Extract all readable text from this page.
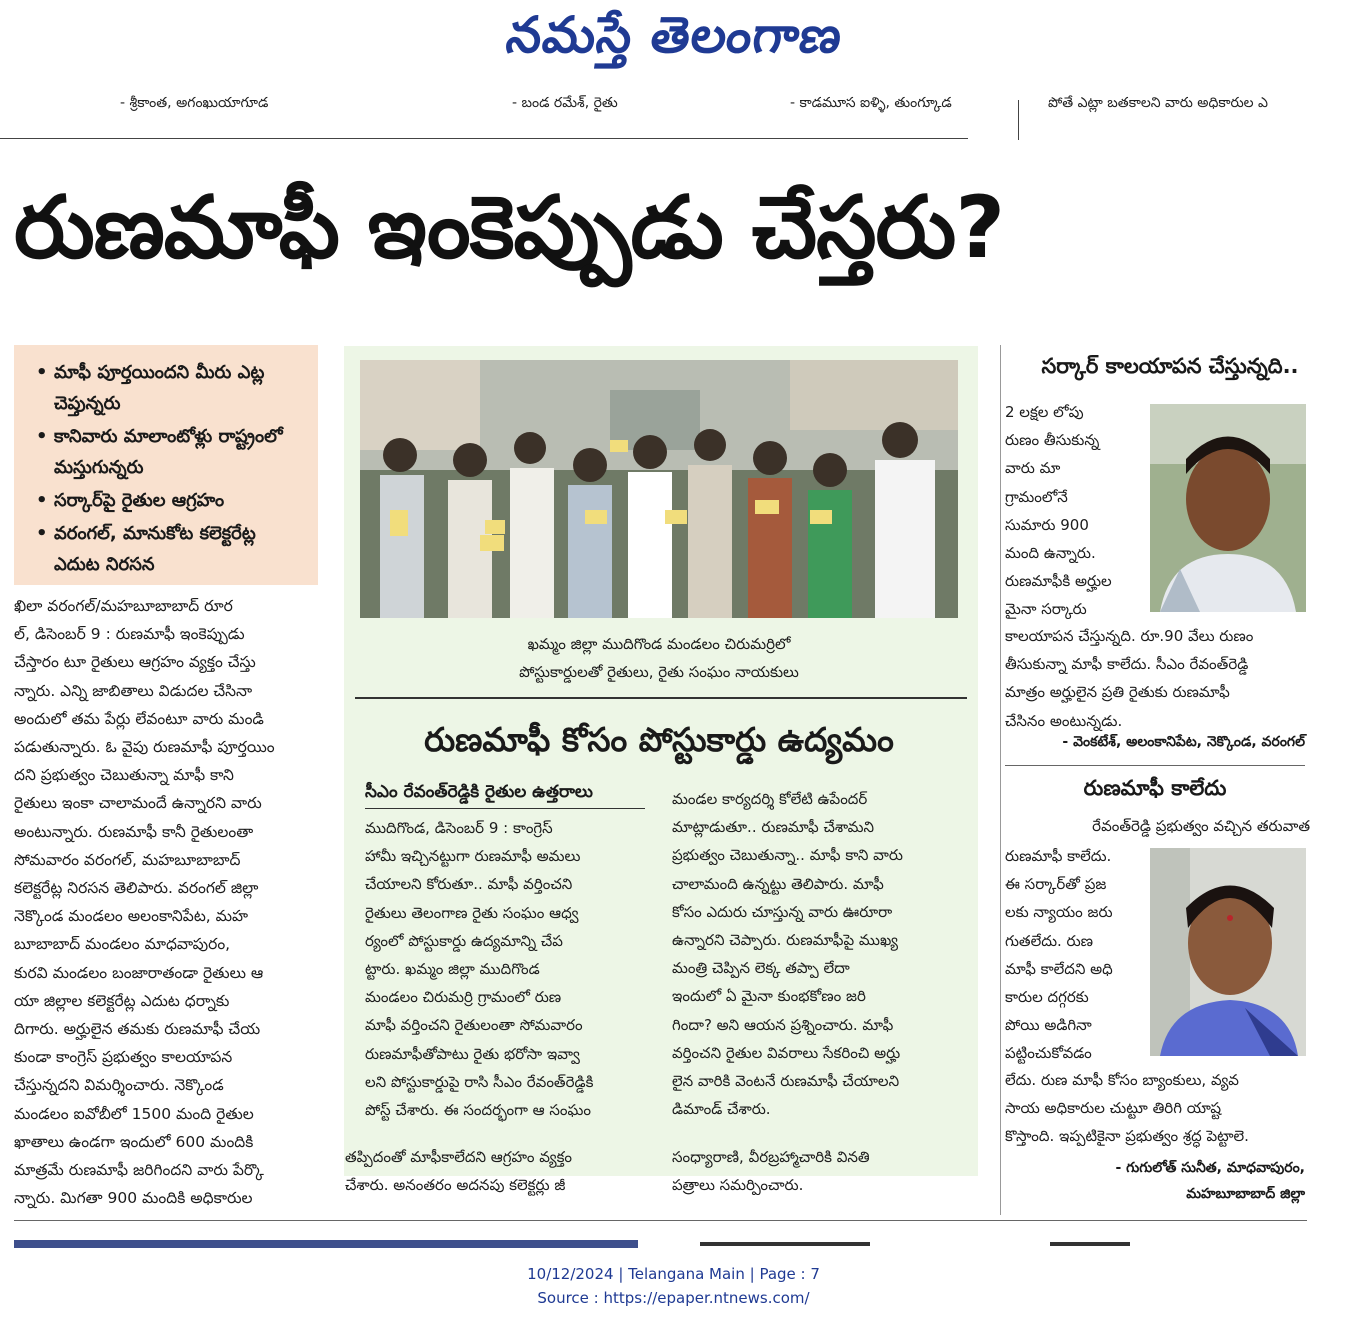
నమస్తే తెలంగాణ
- శ్రీకాంత, అగంఖుయాగూడ	- బండ రమేశ్, రైతు	- కాడమూస ఐళ్ళి, తుంగ్కూడ	పోతే ఎట్లా బతకాలని వారు అధికారుల ఎ
రుణమాఫీ ఇంకెప్పుడు చేస్తరు?
• మాఫీ పూర్తయిందని మీరు ఎట్ల చెప్తున్నరు
• కానివారు మాలాంటోళ్లు రాష్ట్రంలో మస్తుగున్నరు
• సర్కార్‌పై రైతుల ఆగ్రహం
• వరంగల్, మానుకోట కలెక్టరేట్ల ఎదుట నిరసన
ఖిలా వరంగల్/మహబూబాబాద్ రూర
ల్, డిసెంబర్ 9 : రుణమాఫీ ఇంకెప్పుడు
చేస్తారం టూ రైతులు ఆగ్రహం వ్యక్తం చేస్తు
న్నారు. ఎన్ని జాబితాలు విడుదల చేసినా
అందులో తమ పేర్లు లేవంటూ వారు మండి
పడుతున్నారు. ఓ వైపు రుణమాఫీ పూర్తయిం
దని ప్రభుత్వం చెబుతున్నా మాఫీ కాని
రైతులు ఇంకా చాలామందే ఉన్నారని వారు
అంటున్నారు. రుణమాఫీ కానీ రైతులంతా
సోమవారం వరంగల్, మహబూబాబాద్
కలెక్టరేట్ల నిరసన తెలిపారు. వరంగల్ జిల్లా
నెక్కొండ మండలం అలంకానిపేట, మహ
బూబాబాద్ మండలం మాధవాపురం,
కురవి మండలం బంజారాతండా రైతులు ఆ
యా జిల్లాల కలెక్టరేట్ల ఎదుట ధర్నాకు
దిగారు. అర్హులైన తమకు రుణమాఫీ చేయ
కుండా కాంగ్రెస్ ప్రభుత్వం కాలయాపన
చేస్తున్నదని విమర్శించారు. నెక్కొండ
మండలం ఐవోబీలో 1500 మంది రైతుల
ఖాతాలు ఉండగా ఇందులో 600 మందికి
మాత్రమే రుణమాఫీ జరిగిందని వారు పేర్కొ
న్నారు. మిగతా 900 మందికి అధికారుల
ఖమ్మం జిల్లా ముదిగొండ మండలం చిరుమర్రిలో
పోస్టుకార్డులతో రైతులు, రైతు సంఘం నాయకులు
రుణమాఫీ కోసం పోస్టుకార్డు ఉద్యమం
సీఎం రేవంత్‌రెడ్డికి రైతుల ఉత్తరాలు
ముదిగొండ, డిసెంబర్ 9 : కాంగ్రెస్
హామీ ఇచ్చినట్టుగా రుణమాఫీ అమలు
చేయాలని కోరుతూ.. మాఫీ వర్తించని
రైతులు తెలంగాణ రైతు సంఘం ఆధ్వ
ర్యంలో పోస్టుకార్డు ఉద్యమాన్ని చేప
ట్టారు. ఖమ్మం జిల్లా ముదిగొండ
మండలం చిరుమర్రి గ్రామంలో రుణ
మాఫీ వర్తించని రైతులంతా సోమవారం
రుణమాఫీతోపాటు రైతు భరోసా ఇవ్వా
లని పోస్టుకార్డుపై రాసి సీఎం రేవంత్‌రెడ్డికి
పోస్ట్ చేశారు. ఈ సందర్భంగా ఆ సంఘం
మండల కార్యదర్శి కోలేటి ఉపేందర్
మాట్లాడుతూ.. రుణమాఫీ చేశామని
ప్రభుత్వం చెబుతున్నా.. మాఫీ కాని వారు
చాలామంది ఉన్నట్టు తెలిపారు. మాఫీ
కోసం ఎదురు చూస్తున్న వారు ఊరూరా
ఉన్నారని చెప్పారు. రుణమాఫీపై ముఖ్య
మంత్రి చెప్పిన లెక్క తప్పా లేదా
ఇందులో ఏ మైనా కుంభకోణం జరి
గిందా? అని ఆయన ప్రశ్నించారు. మాఫీ
వర్తించని రైతుల వివరాలు సేకరించి అర్హు
లైన వారికి వెంటనే రుణమాఫీ చేయాలని
డిమాండ్ చేశారు.
తప్పిదంతో మాఫీకాలేదని ఆగ్రహం వ్యక్తం
చేశారు. అనంతరం అదనపు కలెక్టర్లు జీ
సంధ్యారాణి, వీరబ్రహ్మాచారికి వినతి
పత్రాలు సమర్పించారు.
సర్కార్ కాలయాపన చేస్తున్నది..
2 లక్షల లోపు
రుణం తీసుకున్న
వారు మా
గ్రామంలోనే
సుమారు 900
మంది ఉన్నారు.
రుణమాఫీకి అర్హుల
మైనా సర్కారు
కాలయాపన చేస్తున్నది. రూ.90 వేలు రుణం
తీసుకున్నా మాఫీ కాలేదు. సీఎం రేవంత్‌రెడ్డి
మాత్రం అర్హులైన ప్రతి రైతుకు రుణమాఫీ
చేసినం అంటున్నడు.
- వెంకటేశ్, అలంకానిపేట, నెక్కొండ, వరంగల్
రుణమాఫీ కాలేదు
రేవంత్‌రెడ్డి ప్రభుత్వం వచ్చిన తరువాత
రుణమాఫీ కాలేదు.
ఈ సర్కార్‌తో ప్రజ
లకు న్యాయం జరు
గుతలేదు. రుణ
మాఫీ కాలేదని అధి
కారుల దగ్గరకు
పోయి అడిగినా
పట్టించుకోవడం
లేదు. రుణ మాఫీ కోసం బ్యాంకులు, వ్యవ
సాయ అధికారుల చుట్టూ తిరిగి యాష్ట
కొస్తాంది. ఇప్పటికైనా ప్రభుత్వం శ్రద్ధ పెట్టాలె.
- గుగులోత్ సునీత, మాధవాపురం,
మహబూబాబాద్ జిల్లా
10/12/2024 | Telangana Main | Page : 7
Source : https://epaper.ntnews.com/
